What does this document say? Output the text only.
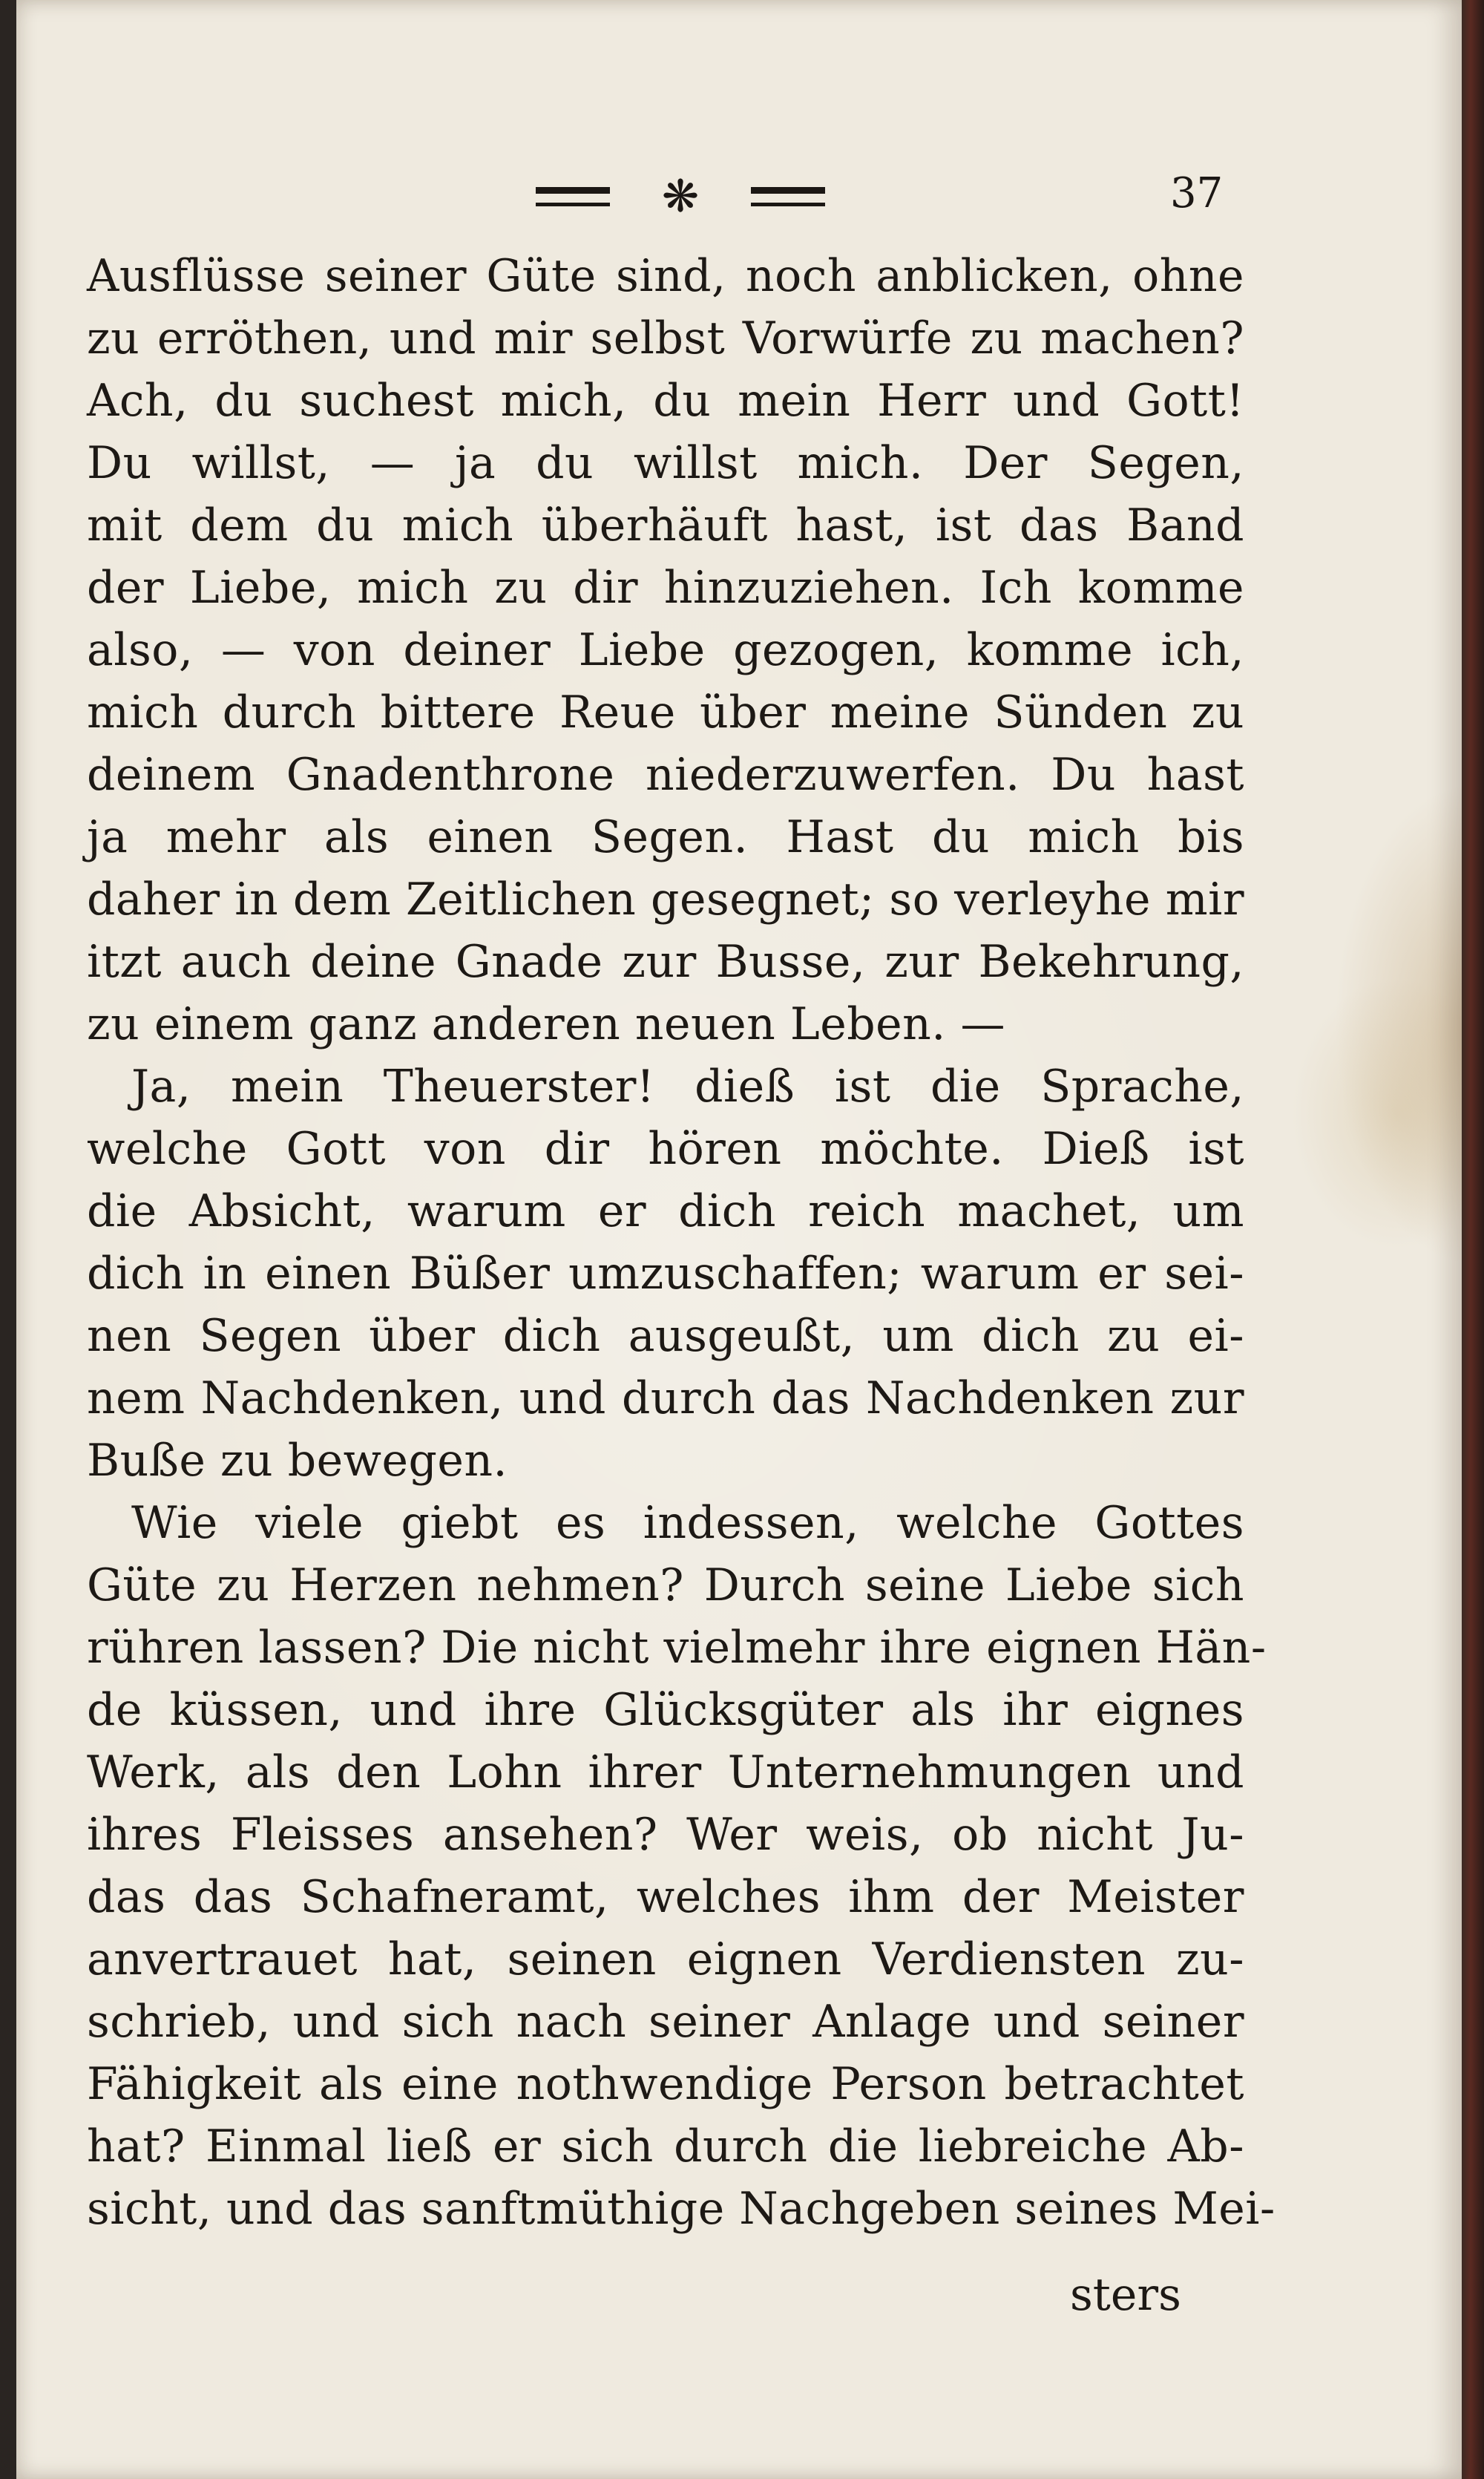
❋	37
Ausflüsse seiner Güte sind, noch anblicken, ohne
zu erröthen, und mir selbst Vorwürfe zu machen?
Ach, du suchest mich, du mein Herr und Gott!
Du willst, — ja du willst mich. Der Segen,
mit dem du mich überhäuft hast, ist das Band
der Liebe, mich zu dir hinzuziehen. Ich komme
also, — von deiner Liebe gezogen, komme ich,
mich durch bittere Reue über meine Sünden zu
deinem Gnadenthrone niederzuwerfen. Du hast
ja mehr als einen Segen. Hast du mich bis
daher in dem Zeitlichen gesegnet; so verleyhe mir
itzt auch deine Gnade zur Busse, zur Bekehrung,
zu einem ganz anderen neuen Leben. —
Ja, mein Theuerster! dieß ist die Sprache,
welche Gott von dir hören möchte. Dieß ist
die Absicht, warum er dich reich machet, um
dich in einen Büßer umzuschaffen; warum er sei-
nen Segen über dich ausgeußt, um dich zu ei-
nem Nachdenken, und durch das Nachdenken zur
Buße zu bewegen.
Wie viele giebt es indessen, welche Gottes
Güte zu Herzen nehmen? Durch seine Liebe sich
rühren lassen? Die nicht vielmehr ihre eignen Hän-
de küssen, und ihre Glücksgüter als ihr eignes
Werk, als den Lohn ihrer Unternehmungen und
ihres Fleisses ansehen? Wer weis, ob nicht Ju-
das das Schafneramt, welches ihm der Meister
anvertrauet hat, seinen eignen Verdiensten zu-
schrieb, und sich nach seiner Anlage und seiner
Fähigkeit als eine nothwendige Person betrachtet
hat? Einmal ließ er sich durch die liebreiche Ab-
sicht, und das sanftmüthige Nachgeben seines Mei-
sters
